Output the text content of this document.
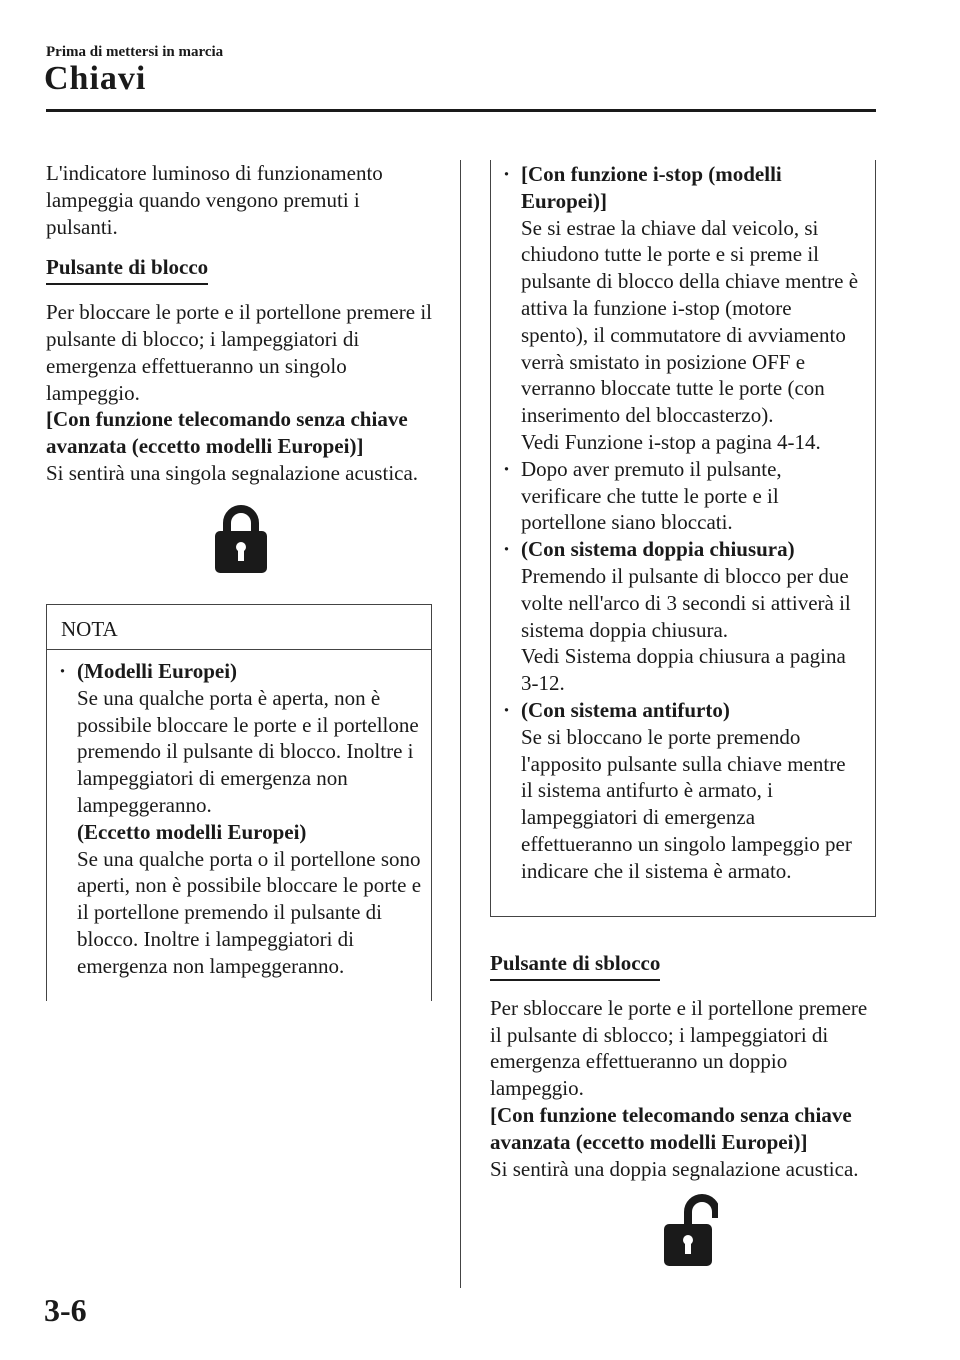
Prima di mettersi in marcia
Chiavi

L'indicatore luminoso di funzionamento lampeggia quando vengono premuti i pulsanti.

Pulsante di blocco

Per bloccare le porte e il portellone premere il pulsante di blocco; i lampeggiatori di emergenza effettueranno un singolo lampeggio.

[Con funzione telecomando senza chiave avanzata (eccetto modelli Europei)]

Si sentirà una singola segnalazione acustica.

NOTA
· (Modelli Europei)
Se una qualche porta è aperta, non è possibile bloccare le porte e il portellone premendo il pulsante di blocco. Inoltre i lampeggiatori di emergenza non lampeggeranno.
(Eccetto modelli Europei)
Se una qualche porta o il portellone sono aperti, non è possibile bloccare le porte e il portellone premendo il pulsante di blocco. Inoltre i lampeggiatori di emergenza non lampeggeranno.
· [Con funzione i-stop (modelli Europei)]
Se si estrae la chiave dal veicolo, si chiudono tutte le porte e si preme il pulsante di blocco della chiave mentre è attiva la funzione i-stop (motore spento), il commutatore di avviamento verrà smistato in posizione OFF e verranno bloccate tutte le porte (con inserimento del bloccasterzo).
Vedi Funzione i-stop a pagina 4-14.
· Dopo aver premuto il pulsante, verificare che tutte le porte e il portellone siano bloccati.
· (Con sistema doppia chiusura)
Premendo il pulsante di blocco per due volte nell'arco di 3 secondi si attiverà il sistema doppia chiusura.
Vedi Sistema doppia chiusura a pagina 3-12.
· (Con sistema antifurto)
Se si bloccano le porte premendo l'apposito pulsante sulla chiave mentre il sistema antifurto è armato, i lampeggiatori di emergenza effettueranno un singolo lampeggio per indicare che il sistema è armato.

Pulsante di sblocco

Per sbloccare le porte e il portellone premere il pulsante di sblocco; i lampeggiatori di emergenza effettueranno un doppio lampeggio.

[Con funzione telecomando senza chiave avanzata (eccetto modelli Europei)]

Si sentirà una doppia segnalazione acustica.

3-6
